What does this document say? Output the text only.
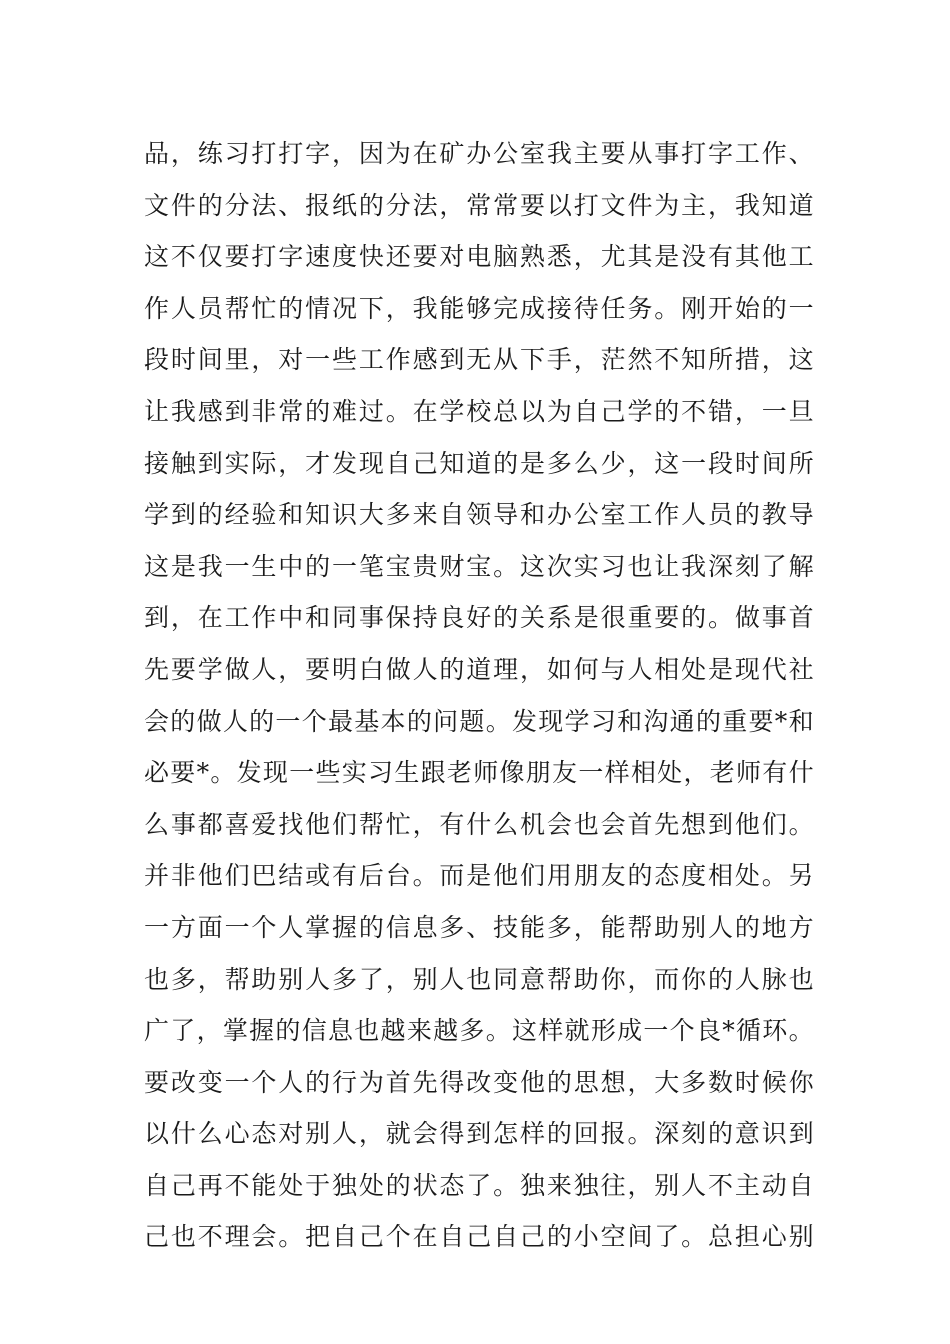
品，练习打打字，因为在矿办公室我主要从事打字工作、
文件的分法、报纸的分法，常常要以打文件为主，我知道
这不仅要打字速度快还要对电脑熟悉，尤其是没有其他工
作人员帮忙的情况下，我能够完成接待任务。刚开始的一
段时间里，对一些工作感到无从下手，茫然不知所措，这
让我感到非常的难过。在学校总以为自己学的不错，一旦
接触到实际，才发现自己知道的是多么少，这一段时间所
学到的经验和知识大多来自领导和办公室工作人员的教导
这是我一生中的一笔宝贵财宝。这次实习也让我深刻了解
到，在工作中和同事保持良好的关系是很重要的。做事首
先要学做人，要明白做人的道理，如何与人相处是现代社
会的做人的一个最基本的问题。发现学习和沟通的重要*和
必要*。发现一些实习生跟老师像朋友一样相处，老师有什
么事都喜爱找他们帮忙，有什么机会也会首先想到他们。
并非他们巴结或有后台。而是他们用朋友的态度相处。另
一方面一个人掌握的信息多、技能多，能帮助别人的地方
也多，帮助别人多了，别人也同意帮助你，而你的人脉也
广了，掌握的信息也越来越多。这样就形成一个良*循环。
要改变一个人的行为首先得改变他的思想，大多数时候你
以什么心态对别人，就会得到怎样的回报。深刻的意识到
自己再不能处于独处的状态了。独来独往，别人不主动自
己也不理会。把自己个在自己自己的小空间了。总担心别
